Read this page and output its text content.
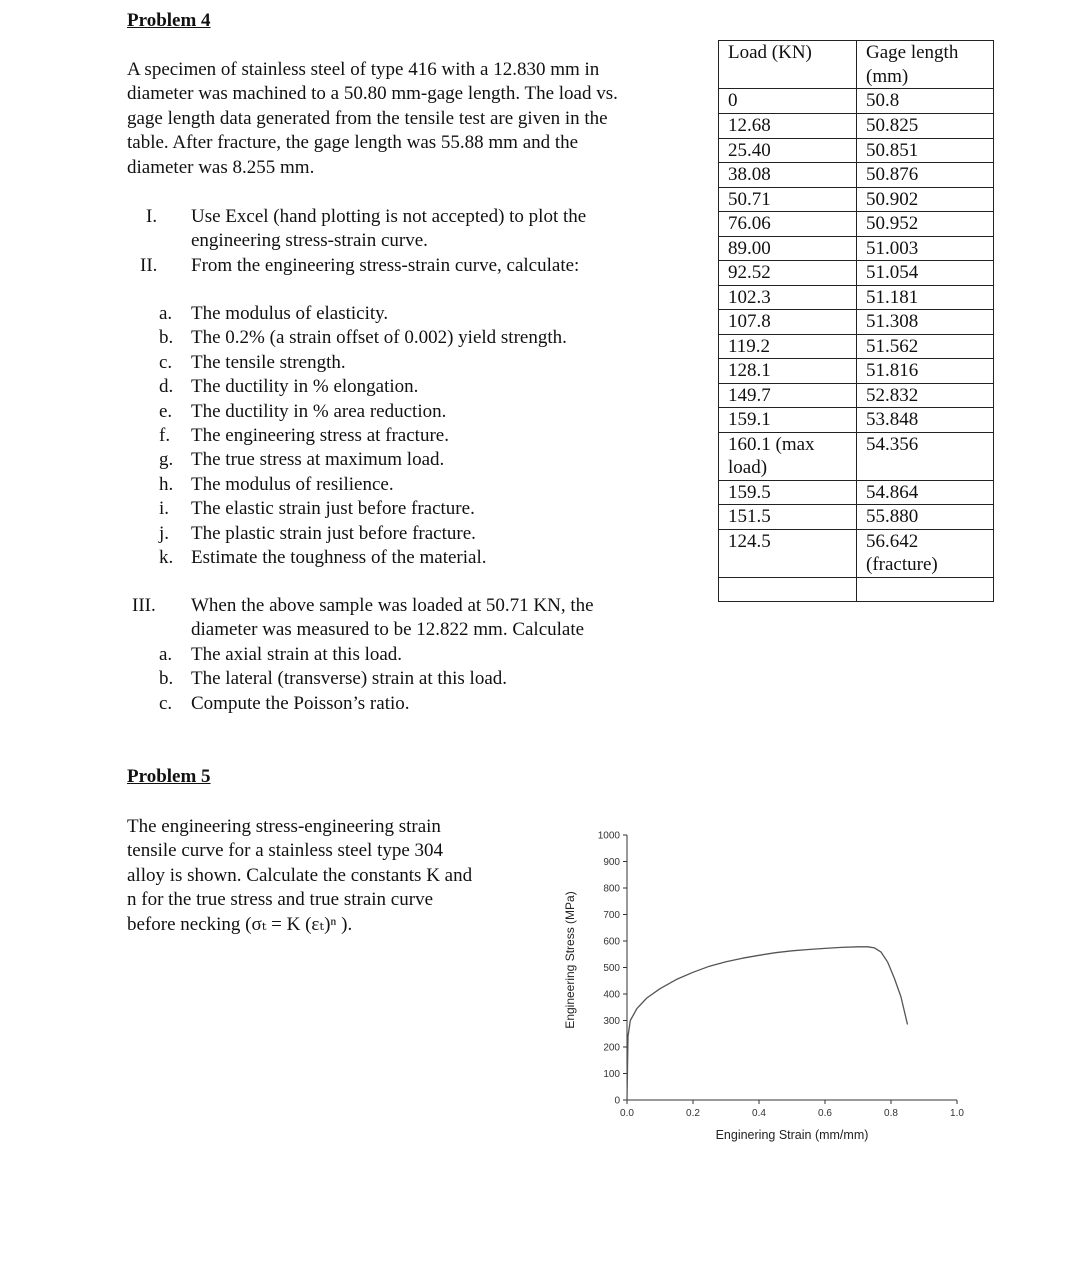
Problem 4
A specimen of stainless steel of type 416 with a 12.830 mm in
diameter was machined to a 50.80 mm-gage length. The load vs.
gage length data generated from the tensile test are given in the
table. After fracture, the gage length was 55.88 mm and the
diameter was 8.255 mm.
I. Use Excel (hand plotting is not accepted) to plot the
engineering stress-strain curve.
II. From the engineering stress-strain curve, calculate:
a.
b.
c.
d.
e.
f.
g.
h.
i.
j.
k.
The modulus of elasticity.
The 0.2% (a strain offset of 0.002) yield strength.
The tensile strength.
The ductility in % elongation.
The ductility in % area reduction.
The engineering stress at fracture.
The true stress at maximum load.
The modulus of resilience.
The elastic strain just before fracture.
The plastic strain just before fracture.
Estimate the toughness of the material.
III. When the above sample was loaded at 50.71 KN, the
diameter was measured to be 12.822 mm. Calculate
a.
b.
c.
The axial strain at this load.
The lateral (transverse) strain at this load.
Compute the Poisson’s ratio.
Load (KN)	Gage length (mm)
0	50.8
12.68	50.825
25.40	50.851
38.08	50.876
50.71	50.902
76.06	50.952
89.00	51.003
92.52	51.054
102.3	51.181
107.8	51.308
119.2	51.562
128.1	51.816
149.7	52.832
159.1	53.848
160.1 (max load)	54.356
159.5	54.864
151.5	55.880
124.5	56.642 (fracture)

Problem 5
The engineering stress-engineering strain
tensile curve for a stainless steel type 304
alloy is shown. Calculate the constants K and
n for the true stress and true strain curve
before necking (σₜ = K (εₜ)ⁿ ).	Engineering Stress (MPa)
Enginering Strain (mm/mm)
0
100
200
300
400
500
600
700
800
900
1000
0.0	0.2	0.4	0.6	0.8	1.0
